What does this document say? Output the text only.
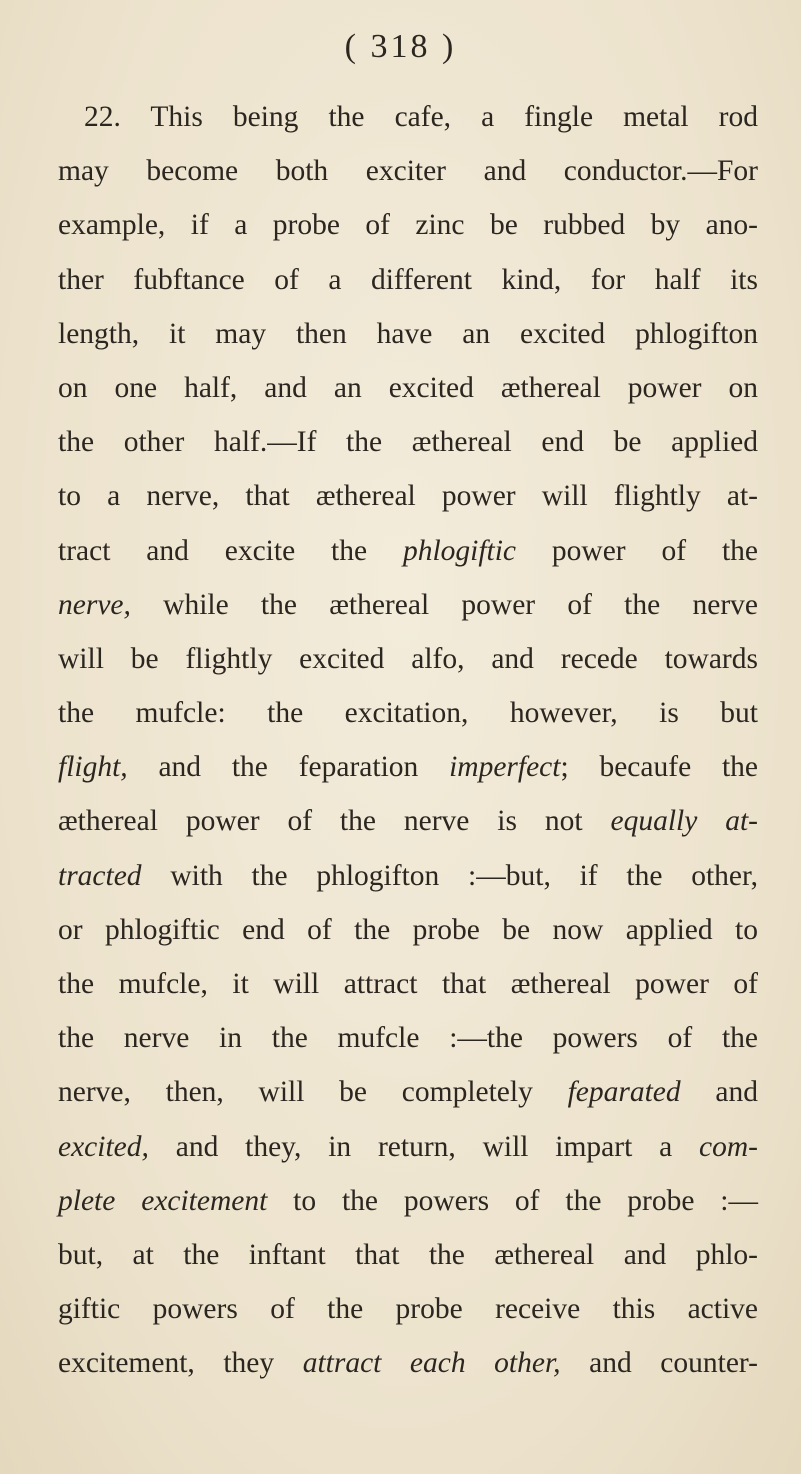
( 318 )
22. This being the cafe, a fingle metal rod
may become both exciter and conductor.—For
example, if a probe of zinc be rubbed by ano-
ther fubftance of a different kind, for half its
length, it may then have an excited phlogifton
on one half, and an excited æthereal power on
the other half.—If the æthereal end be applied
to a nerve, that æthereal power will flightly at-
tract and excite the phlogiftic power of the
nerve, while the æthereal power of the nerve
will be flightly excited alfo, and recede towards
the mufcle: the excitation, however, is but
flight, and the feparation imperfect; becaufe the
æthereal power of the nerve is not equally at-
tracted with the phlogifton :—but, if the other,
or phlogiftic end of the probe be now applied to
the mufcle, it will attract that æthereal power of
the nerve in the mufcle :—the powers of the
nerve, then, will be completely feparated and
excited, and they, in return, will impart a com-
plete excitement to the powers of the probe :—
but, at the inftant that the æthereal and phlo-
giftic powers of the probe receive this active
excitement, they attract each other, and counter-
